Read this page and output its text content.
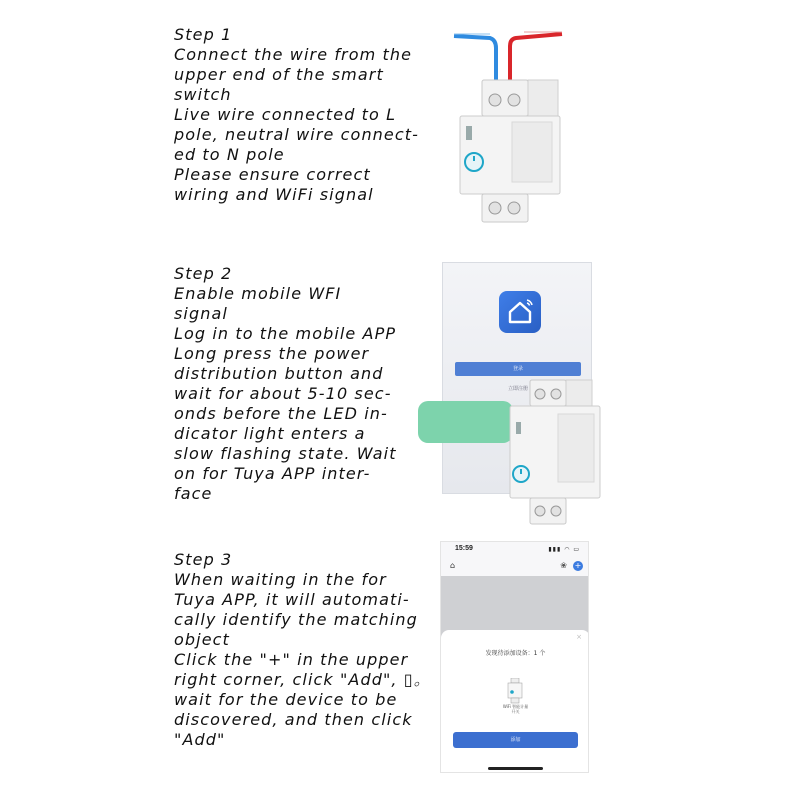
Step 1
Connect the wire from the
upper end of the smart
switch
Live wire connected to L
pole, neutral wire connect-
ed to N pole
Please ensure correct
wiring and WiFi signal
Step 2
Enable mobile WFI
signal
Log in to the mobile APP
Long press the power
distribution button and
wait for about 5-10 sec-
onds before the LED in-
dicator light enters a
slow flashing state. Wait
on for Tuya APP inter-
face
登录
立即注册
Step 3
When waiting in the for
Tuya APP, it will automati-
cally identify the matching
object
Click the "+" in the upper
right corner, click "Add", ▯。
wait for the device to be
discovered, and then click
"Add"
15:59	▮▮▮ ◠ ▭
⌂	❀ +
×
发现待添加设备：1 个
WiFi 智能计量
开关
添加
